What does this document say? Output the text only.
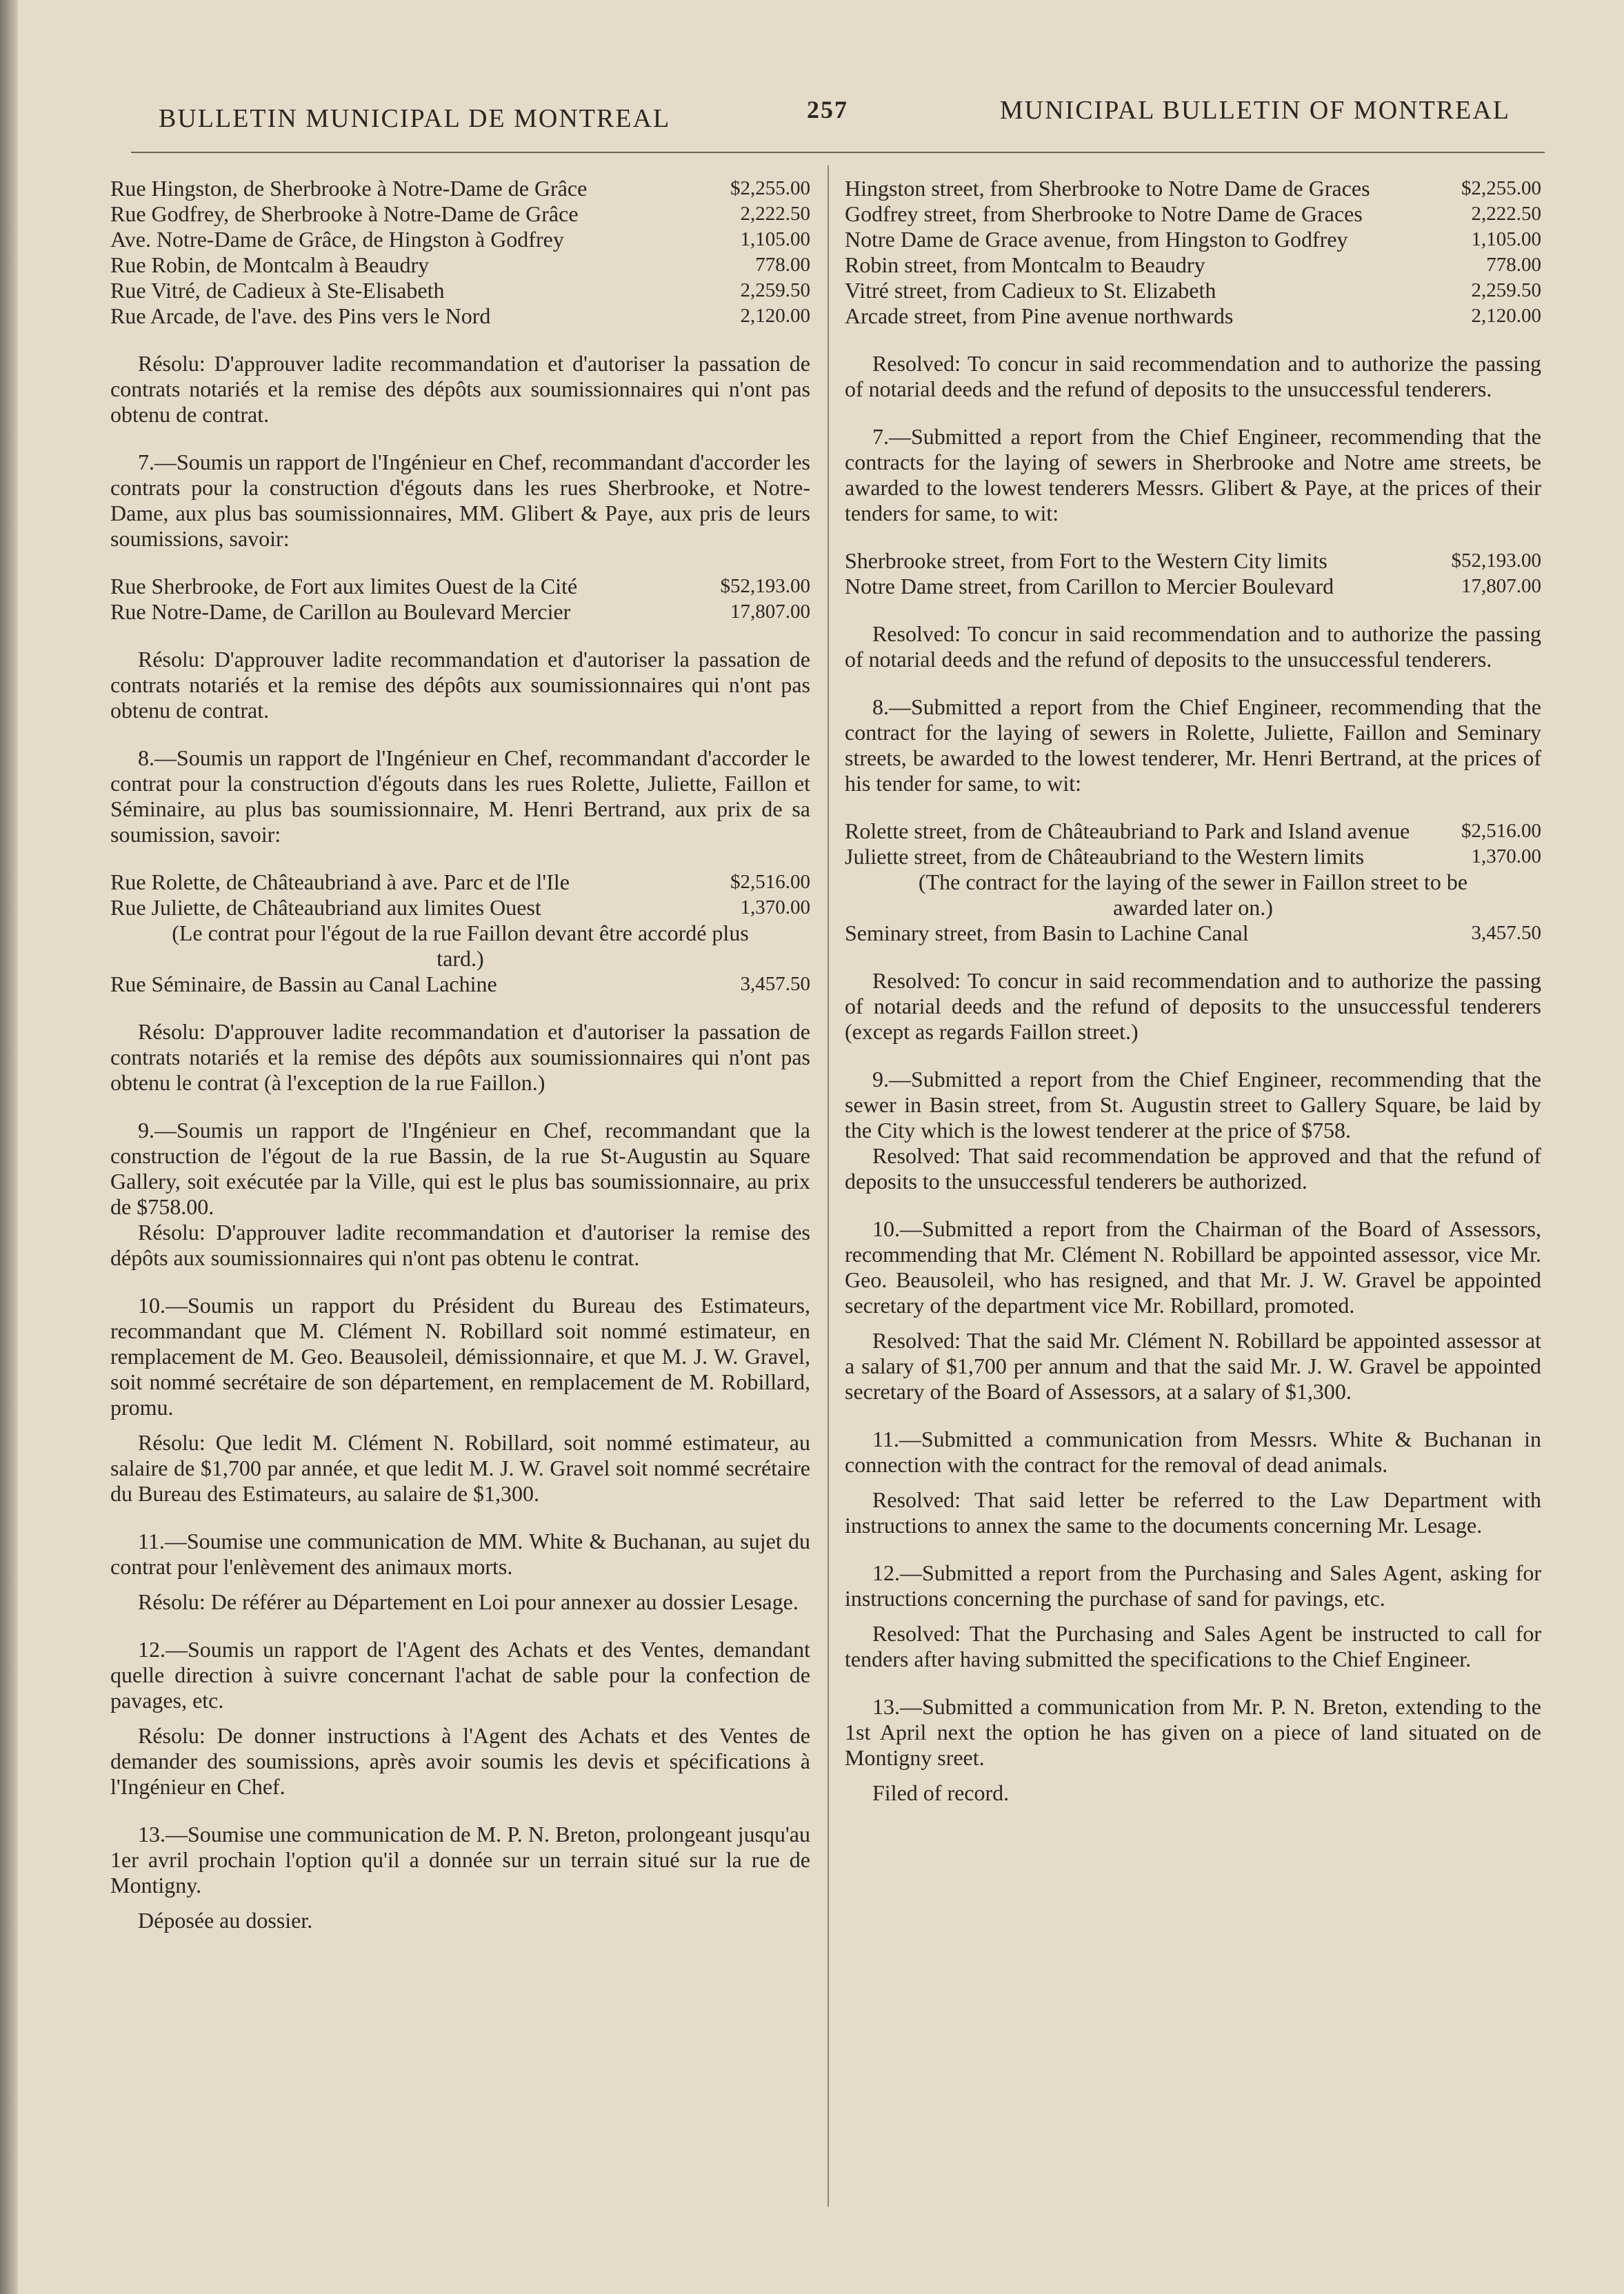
BULLETIN MUNICIPAL DE MONTREAL	257	MUNICIPAL BULLETIN OF MONTREAL
Rue Hingston, de Sherbrooke à Notre-Dame de Grâce	$2,255.00
Rue Godfrey, de Sherbrooke à Notre-Dame de Grâce	2,222.50
Ave. Notre-Dame de Grâce, de Hingston à Godfrey	1,105.00
Rue Robin, de Montcalm à Beaudry	778.00
Rue Vitré, de Cadieux à Ste-Elisabeth	2,259.50
Rue Arcade, de l'ave. des Pins vers le Nord	2,120.00

Résolu: D'approuver ladite recommandation et d'autoriser la passation de contrats notariés et la remise des dépôts aux soumissionnaires qui n'ont pas obtenu de contrat.

7.—Soumis un rapport de l'Ingénieur en Chef, recommandant d'accorder les contrats pour la construction d'égouts dans les rues Sherbrooke, et Notre-Dame, aux plus bas soumissionnaires, MM. Glibert & Paye, aux pris de leurs soumissions, savoir:

Rue Sherbrooke, de Fort aux limites Ouest de la Cité	$52,193.00
Rue Notre-Dame, de Carillon au Boulevard Mercier	17,807.00

Résolu: D'approuver ladite recommandation et d'autoriser la passation de contrats notariés et la remise des dépôts aux soumissionnaires qui n'ont pas obtenu de contrat.

8.—Soumis un rapport de l'Ingénieur en Chef, recommandant d'accorder le contrat pour la construction d'égouts dans les rues Rolette, Juliette, Faillon et Séminaire, au plus bas soumissionnaire, M. Henri Bertrand, aux prix de sa soumission, savoir:

Rue Rolette, de Châteaubriand à ave. Parc et de l'Ile	$2,516.00
Rue Juliette, de Châteaubriand aux limites Ouest	1,370.00
(Le contrat pour l'égout de la rue Faillon devant être accordé plus tard.)
Rue Séminaire, de Bassin au Canal Lachine	3,457.50

Résolu: D'approuver ladite recommandation et d'autoriser la passation de contrats notariés et la remise des dépôts aux soumissionnaires qui n'ont pas obtenu le contrat (à l'exception de la rue Faillon.)

9.—Soumis un rapport de l'Ingénieur en Chef, recommandant que la construction de l'égout de la rue Bassin, de la rue St-Augustin au Square Gallery, soit exécutée par la Ville, qui est le plus bas soumissionnaire, au prix de $758.00.

Résolu: D'approuver ladite recommandation et d'autoriser la remise des dépôts aux soumissionnaires qui n'ont pas obtenu le contrat.

10.—Soumis un rapport du Président du Bureau des Estimateurs, recommandant que M. Clément N. Robillard soit nommé estimateur, en remplacement de M. Geo. Beausoleil, démissionnaire, et que M. J. W. Gravel, soit nommé secrétaire de son département, en remplacement de M. Robillard, promu.

Résolu: Que ledit M. Clément N. Robillard, soit nommé estimateur, au salaire de $1,700 par année, et que ledit M. J. W. Gravel soit nommé secrétaire du Bureau des Estimateurs, au salaire de $1,300.

11.—Soumise une communication de MM. White & Buchanan, au sujet du contrat pour l'enlèvement des animaux morts.

Résolu: De référer au Département en Loi pour annexer au dossier Lesage.

12.—Soumis un rapport de l'Agent des Achats et des Ventes, demandant quelle direction à suivre concernant l'achat de sable pour la confection de pavages, etc.

Résolu: De donner instructions à l'Agent des Achats et des Ventes de demander des soumissions, après avoir soumis les devis et spécifications à l'Ingénieur en Chef.

13.—Soumise une communication de M. P. N. Breton, prolongeant jusqu'au 1er avril prochain l'option qu'il a donnée sur un terrain situé sur la rue de Montigny.

Déposée au dossier.

Hingston street, from Sherbrooke to Notre Dame de Graces	$2,255.00
Godfrey street, from Sherbrooke to Notre Dame de Graces	2,222.50
Notre Dame de Grace avenue, from Hingston to Godfrey	1,105.00
Robin street, from Montcalm to Beaudry	778.00
Vitré street, from Cadieux to St. Elizabeth	2,259.50
Arcade street, from Pine avenue northwards	2,120.00

Resolved: To concur in said recommendation and to authorize the passing of notarial deeds and the refund of deposits to the unsuccessful tenderers.

7.—Submitted a report from the Chief Engineer, recommending that the contracts for the laying of sewers in Sherbrooke and Notre ame streets, be awarded to the lowest tenderers Messrs. Glibert & Paye, at the prices of their tenders for same, to wit:

Sherbrooke street, from Fort to the Western City limits	$52,193.00
Notre Dame street, from Carillon to Mercier Boulevard	17,807.00

Resolved: To concur in said recommendation and to authorize the passing of notarial deeds and the refund of deposits to the unsuccessful tenderers.

8.—Submitted a report from the Chief Engineer, recommending that the contract for the laying of sewers in Rolette, Juliette, Faillon and Seminary streets, be awarded to the lowest tenderer, Mr. Henri Bertrand, at the prices of his tender for same, to wit:

Rolette street, from de Châteaubriand to Park and Island avenue	$2,516.00
Juliette street, from de Châteaubriand to the Western limits	1,370.00
(The contract for the laying of the sewer in Faillon street to be awarded later on.)
Seminary street, from Basin to Lachine Canal	3,457.50

Resolved: To concur in said recommendation and to authorize the passing of notarial deeds and the refund of deposits to the unsuccessful tenderers (except as regards Faillon street.)

9.—Submitted a report from the Chief Engineer, recommending that the sewer in Basin street, from St. Augustin street to Gallery Square, be laid by the City which is the lowest tenderer at the price of $758.

Resolved: That said recommendation be approved and that the refund of deposits to the unsuccessful tenderers be authorized.

10.—Submitted a report from the Chairman of the Board of Assessors, recommending that Mr. Clément N. Robillard be appointed assessor, vice Mr. Geo. Beausoleil, who has resigned, and that Mr. J. W. Gravel be appointed secretary of the department vice Mr. Robillard, promoted.

Resolved: That the said Mr. Clément N. Robillard be appointed assessor at a salary of $1,700 per annum and that the said Mr. J. W. Gravel be appointed secretary of the Board of Assessors, at a salary of $1,300.

11.—Submitted a communication from Messrs. White & Buchanan in connection with the contract for the removal of dead animals.

Resolved: That said letter be referred to the Law Department with instructions to annex the same to the documents concerning Mr. Lesage.

12.—Submitted a report from the Purchasing and Sales Agent, asking for instructions concerning the purchase of sand for pavings, etc.

Resolved: That the Purchasing and Sales Agent be instructed to call for tenders after having submitted the specifications to the Chief Engineer.

13.—Submitted a communication from Mr. P. N. Breton, extending to the 1st April next the option he has given on a piece of land situated on de Montigny sreet.

Filed of record.
